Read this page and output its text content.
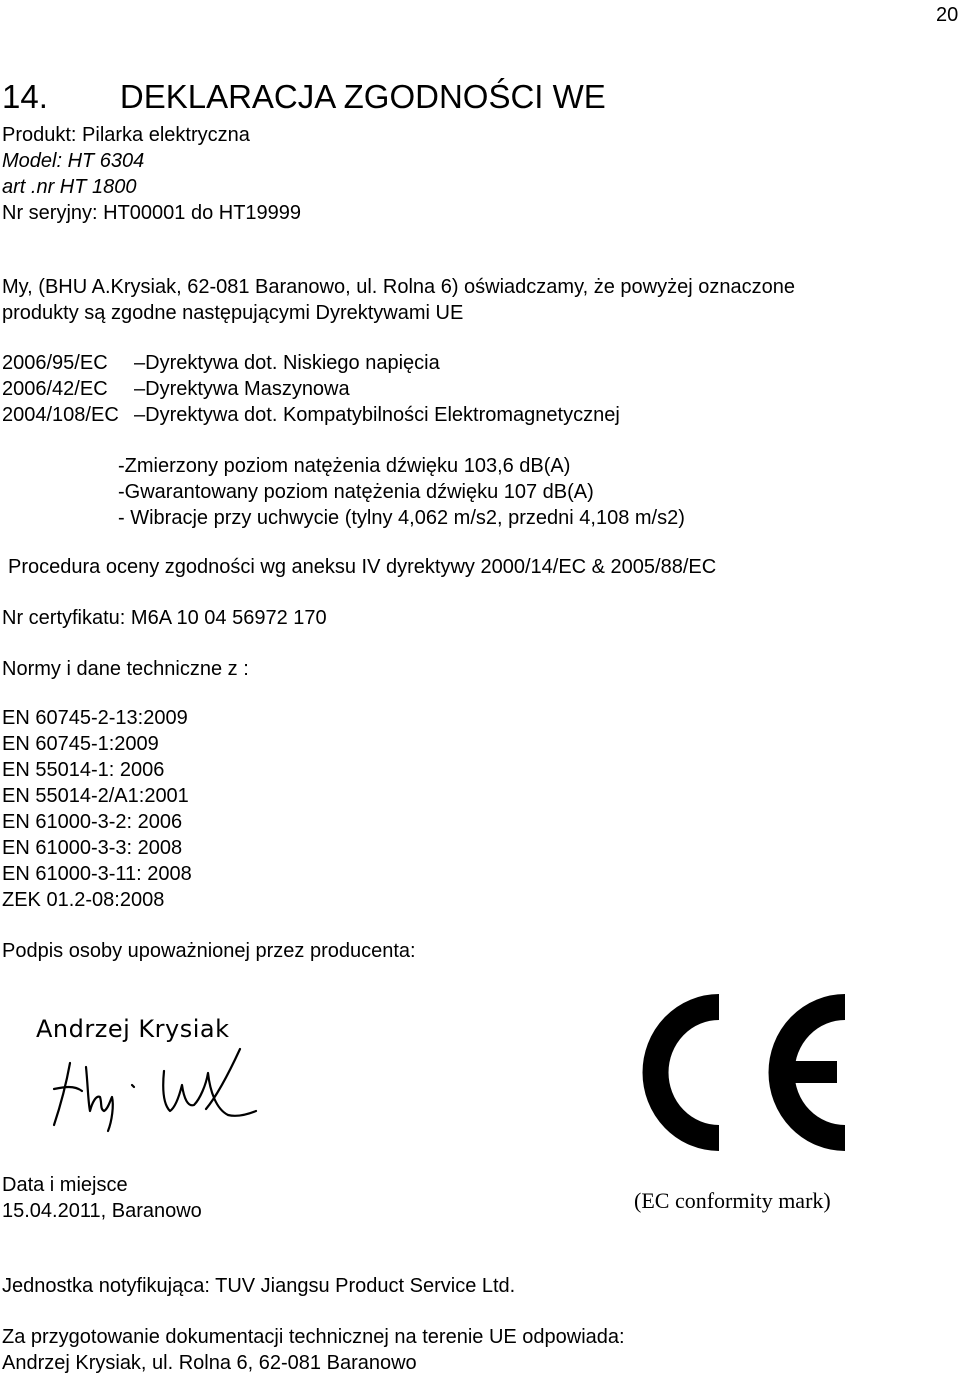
20
14. DEKLARACJA ZGODNOŚCI WE
Produkt: Pilarka elektryczna
Model: HT 6304
art .nr HT 1800
Nr seryjny: HT00001 do HT19999
My, (BHU A.Krysiak, 62-081 Baranowo, ul. Rolna 6) oświadczamy, że powyżej oznaczone
produkty są zgodne następującymi Dyrektywami UE
2006/95/EC –Dyrektywa dot. Niskiego napięcia
2006/42/EC –Dyrektywa Maszynowa
2004/108/EC –Dyrektywa dot. Kompatybilności Elektromagnetycznej
-Zmierzony poziom natężenia dźwięku 103,6 dB(A)
-Gwarantowany poziom natężenia dźwięku 107 dB(A)
- Wibracje przy uchwycie (tylny 4,062 m/s2, przedni 4,108 m/s2)
Procedura oceny zgodności wg aneksu IV dyrektywy 2000/14/EC & 2005/88/EC
Nr certyfikatu: M6A 10 04 56972 170
Normy i dane techniczne z :
EN 60745-2-13:2009
EN 60745-1:2009
EN 55014-1: 2006
EN 55014-2/A1:2001
EN 61000-3-2: 2006
EN 61000-3-3: 2008
EN 61000-3-11: 2008
ZEK 01.2-08:2008
Podpis osoby upoważnionej przez producenta:
Andrzej Krysiak
(EC conformity mark)
Data i miejsce
15.04.2011, Baranowo
Jednostka notyfikująca: TUV Jiangsu Product Service Ltd.
Za przygotowanie dokumentacji technicznej na terenie UE odpowiada:
Andrzej Krysiak, ul. Rolna 6, 62-081 Baranowo
